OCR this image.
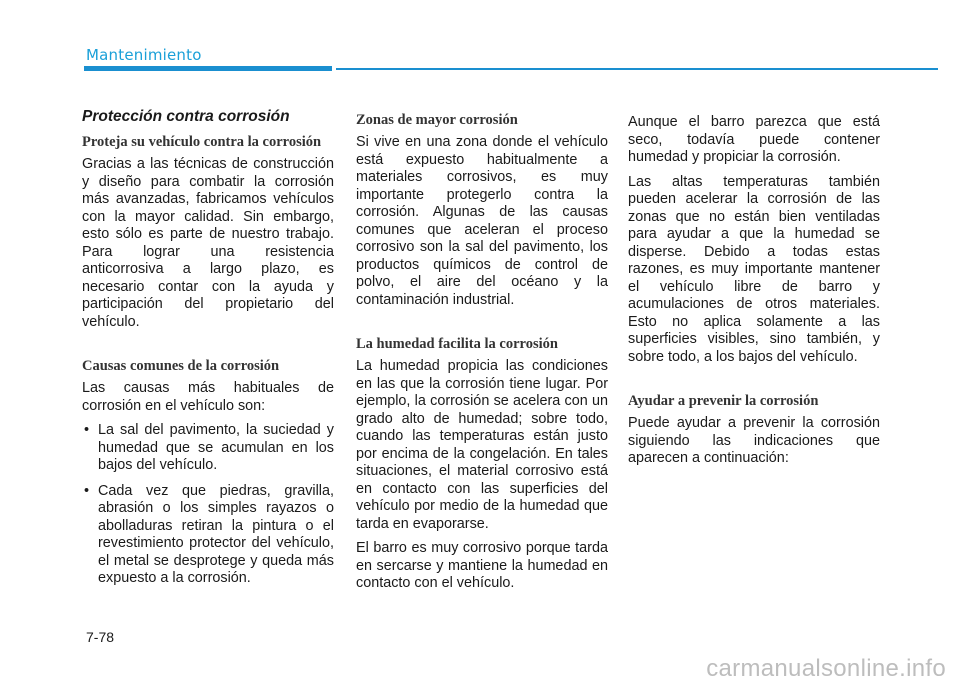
Mantenimiento
Protección contra corrosión
Proteja su vehículo contra la corrosión
Gracias a las técnicas de construcción y diseño para combatir la corrosión más avanzadas, fabricamos vehículos con la mayor calidad. Sin embargo, esto sólo es parte de nuestro trabajo. Para lograr una resistencia anticorrosiva a largo plazo, es necesario contar con la ayuda y participación del propietario del vehículo.
Causas comunes de la corrosión
Las causas más habituales de corrosión en el vehículo son:
• La sal del pavimento, la suciedad y humedad que se acumulan en los bajos del vehículo.
• Cada vez que piedras, gravilla, abrasión o los simples rayazos o abolladuras retiran la pintura o el revestimiento protector del vehículo, el metal se desprotege y queda más expuesto a la corrosión.
Zonas de mayor corrosión
Si vive en una zona donde el vehículo está expuesto habitualmente a materiales corrosivos, es muy importante protegerlo contra la corrosión. Algunas de las causas comunes que aceleran el proceso corrosivo son la sal del pavimento, los productos químicos de control de polvo, el aire del océano y la contaminación industrial.
La humedad facilita la corrosión
La humedad propicia las condiciones en las que la corrosión tiene lugar. Por ejemplo, la corrosión se acelera con un grado alto de humedad; sobre todo, cuando las temperaturas están justo por encima de la congelación. En tales situaciones, el material corrosivo está en contacto con las superficies del vehículo por medio de la humedad que tarda en evaporarse.
El barro es muy corrosivo porque tarda en sercarse y mantiene la humedad en contacto con el vehículo.
Aunque el barro parezca que está seco, todavía puede contener humedad y propiciar la corrosión.
Las altas temperaturas también pueden acelerar la corrosión de las zonas que no están bien ventiladas para ayudar a que la humedad se disperse. Debido a todas estas razones, es muy importante mantener el vehículo libre de barro y acumulaciones de otros materiales. Esto no aplica solamente a las superficies visibles, sino también, y sobre todo, a los bajos del vehículo.
Ayudar a prevenir la corrosión
Puede ayudar a prevenir la corrosión siguiendo las indicaciones que aparecen a continuación:
7-78
carmanualsonline.info
